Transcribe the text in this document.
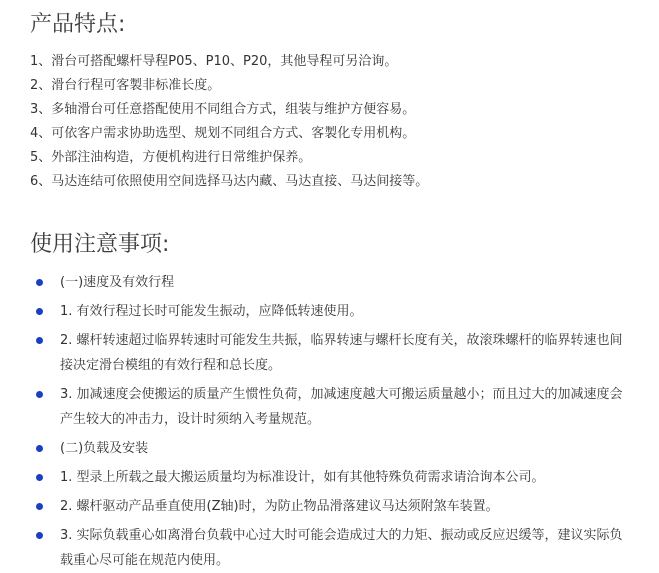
产品特点:
1、滑台可搭配螺杆导程P05、P10、P20，其他导程可另洽询。
2、滑台行程可客製非标准长度。
3、多轴滑台可任意搭配使用不同组合方式，组装与维护方便容易。
4、可依客户需求协助选型、规划不同组合方式、客製化专用机构。
5、外部注油构造，方便机构进行日常维护保养。
6、马达连结可依照使用空间选择马达内藏、马达直接、马达间接等。
使用注意事项:
(一)速度及有效行程
1. 有效行程过长时可能发生振动，应降低转速使用。
2. 螺杆转速超过临界转速时可能发生共振，临界转速与螺杆长度有关，故滚珠螺杆的临界转速也间接决定滑台模组的有效行程和总长度。
3. 加减速度会使搬运的质量产生惯性负荷，加减速度越大可搬运质量越小；而且过大的加减速度会产生较大的冲击力，设计时须纳入考量规范。
(二)负载及安装
1. 型录上所载之最大搬运质量均为标准设计，如有其他特殊负荷需求请洽询本公司。
2. 螺杆驱动产品垂直使用(Z轴)时，为防止物品滑落建议马达须附煞车装置。
3. 实际负载重心如离滑台负载中心过大时可能会造成过大的力矩、振动或反应迟缓等，建议实际负载重心尽可能在规范内使用。
